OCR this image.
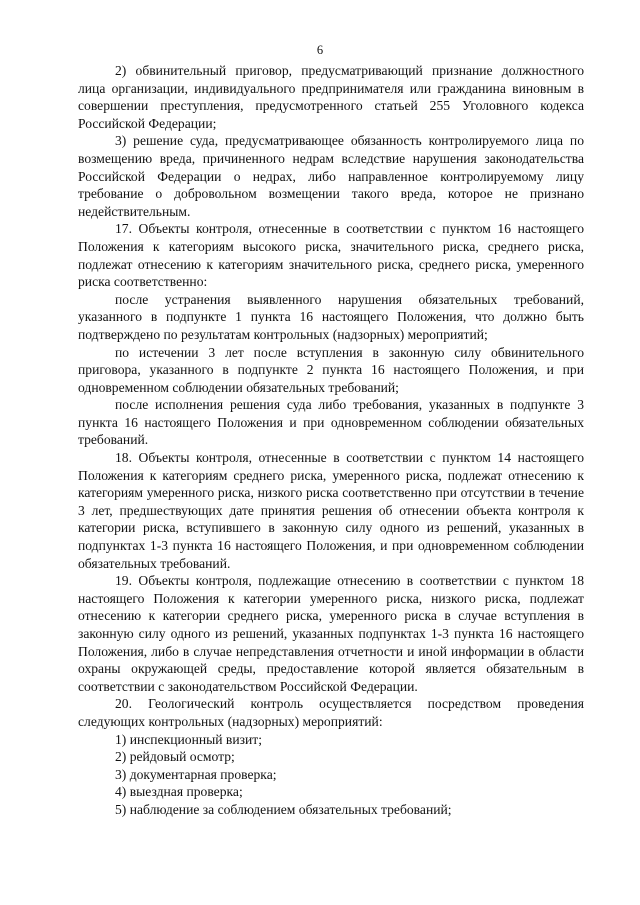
6

2) обвинительный приговор, предусматривающий признание должностного лица организации, индивидуального предпринимателя или гражданина виновным в совершении преступления, предусмотренного статьей 255 Уголовного кодекса Российской Федерации;

3) решение суда, предусматривающее обязанность контролируемого лица по возмещению вреда, причиненного недрам вследствие нарушения законодательства Российской Федерации о недрах, либо направленное контролируемому лицу требование о добровольном возмещении такого вреда, которое не признано недействительным.

17. Объекты контроля, отнесенные в соответствии с пунктом 16 настоящего Положения к категориям высокого риска, значительного риска, среднего риска, подлежат отнесению к категориям значительного риска, среднего риска, умеренного риска соответственно:

после устранения выявленного нарушения обязательных требований, указанного в подпункте 1 пункта 16 настоящего Положения, что должно быть подтверждено по результатам контрольных (надзорных) мероприятий;

по истечении 3 лет после вступления в законную силу обвинительного приговора, указанного в подпункте 2 пункта 16 настоящего Положения, и при одновременном соблюдении обязательных требований;

после исполнения решения суда либо требования, указанных в подпункте 3 пункта 16 настоящего Положения и при одновременном соблюдении обязательных требований.

18. Объекты контроля, отнесенные в соответствии с пунктом 14 настоящего Положения к категориям среднего риска, умеренного риска, подлежат отнесению к категориям умеренного риска, низкого риска соответственно при отсутствии в течение 3 лет, предшествующих дате принятия решения об отнесении объекта контроля к категории риска, вступившего в законную силу одного из решений, указанных в подпунктах 1-3 пункта 16 настоящего Положения, и при одновременном соблюдении обязательных требований.

19. Объекты контроля, подлежащие отнесению в соответствии с пунктом 18 настоящего Положения к категории умеренного риска, низкого риска, подлежат отнесению к категории среднего риска, умеренного риска в случае вступления в законную силу одного из решений, указанных подпунктах 1-3 пункта 16 настоящего Положения, либо в случае непредставления отчетности и иной информации в области охраны окружающей среды, предоставление которой является обязательным в соответствии с законодательством Российской Федерации.

20. Геологический контроль осуществляется посредством проведения следующих контрольных (надзорных) мероприятий:

1) инспекционный визит;

2) рейдовый осмотр;

3) документарная проверка;

4) выездная проверка;

5) наблюдение за соблюдением обязательных требований;
